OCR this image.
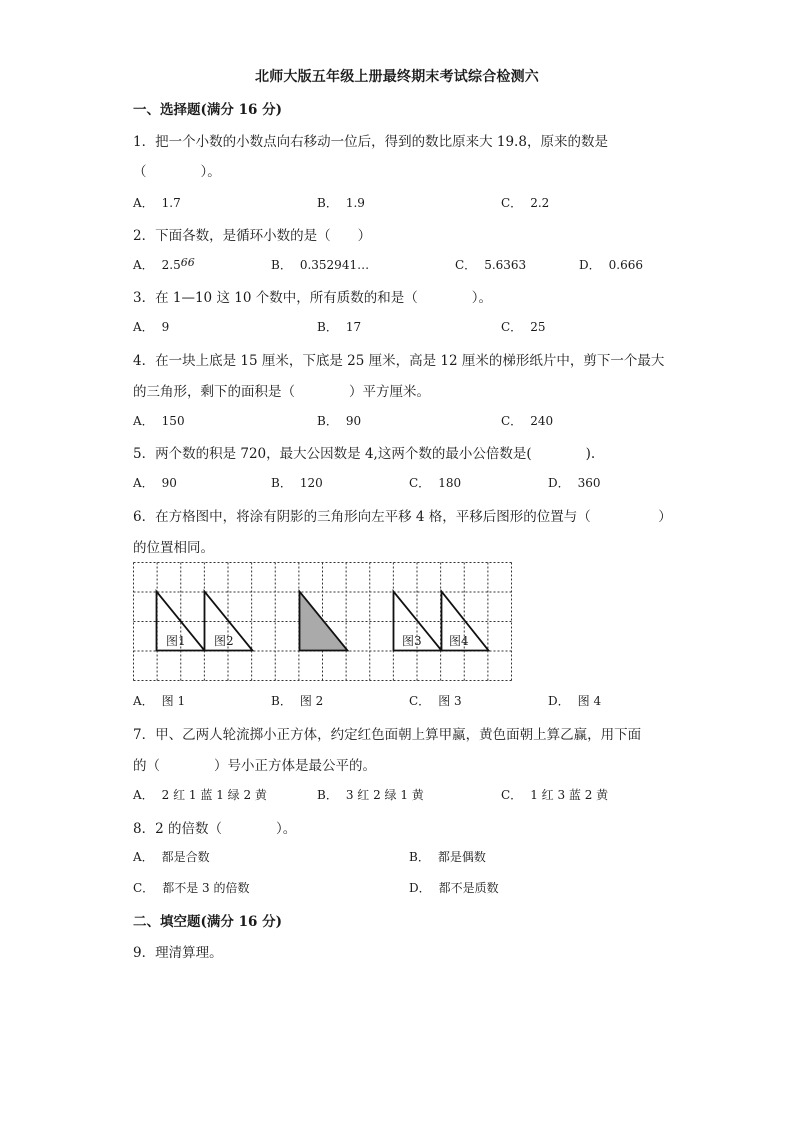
北师大版五年级上册最终期末考试综合检测六
一、选择题(满分 16 分)
1．把一个小数的小数点向右移动一位后，得到的数比原来大 19.8，原来的数是
（　　　　）。
A． 1.7	B． 1.9	C． 2.2
2．下面各数，是循环小数的是（　　）
A． 2.566	B． 0.352941…	C． 5.6363	D． 0.666
3．在 1—10 这 10 个数中，所有质数的和是（　　　　）。
A． 9	B． 17	C． 25
4．在一块上底是 15 厘米，下底是 25 厘米，高是 12 厘米的梯形纸片中，剪下一个最大
的三角形，剩下的面积是（　　　　）平方厘米。
A． 150	B． 90	C． 240
5．两个数的积是 720，最大公因数是 4,这两个数的最小公倍数是(　　　　).
A． 90	B． 120	C． 180	D． 360
6．在方格图中，将涂有阴影的三角形向左平移 4 格，平移后图形的位置与（　　　　　）
的位置相同。
图1 图2	图3 图4
A． 图 1	B． 图 2	C． 图 3	D． 图 4
7．甲、乙两人轮流掷小正方体，约定红色面朝上算甲赢，黄色面朝上算乙赢，用下面
的（　　　　）号小正方体是最公平的。
A． 2 红 1 蓝 1 绿 2 黄	B． 3 红 2 绿 1 黄	C． 1 红 3 蓝 2 黄
8．2 的倍数（　　　　）。
A． 都是合数	B． 都是偶数
C． 都不是 3 的倍数	D． 都不是质数
二、填空题(满分 16 分)
9．理清算理。
